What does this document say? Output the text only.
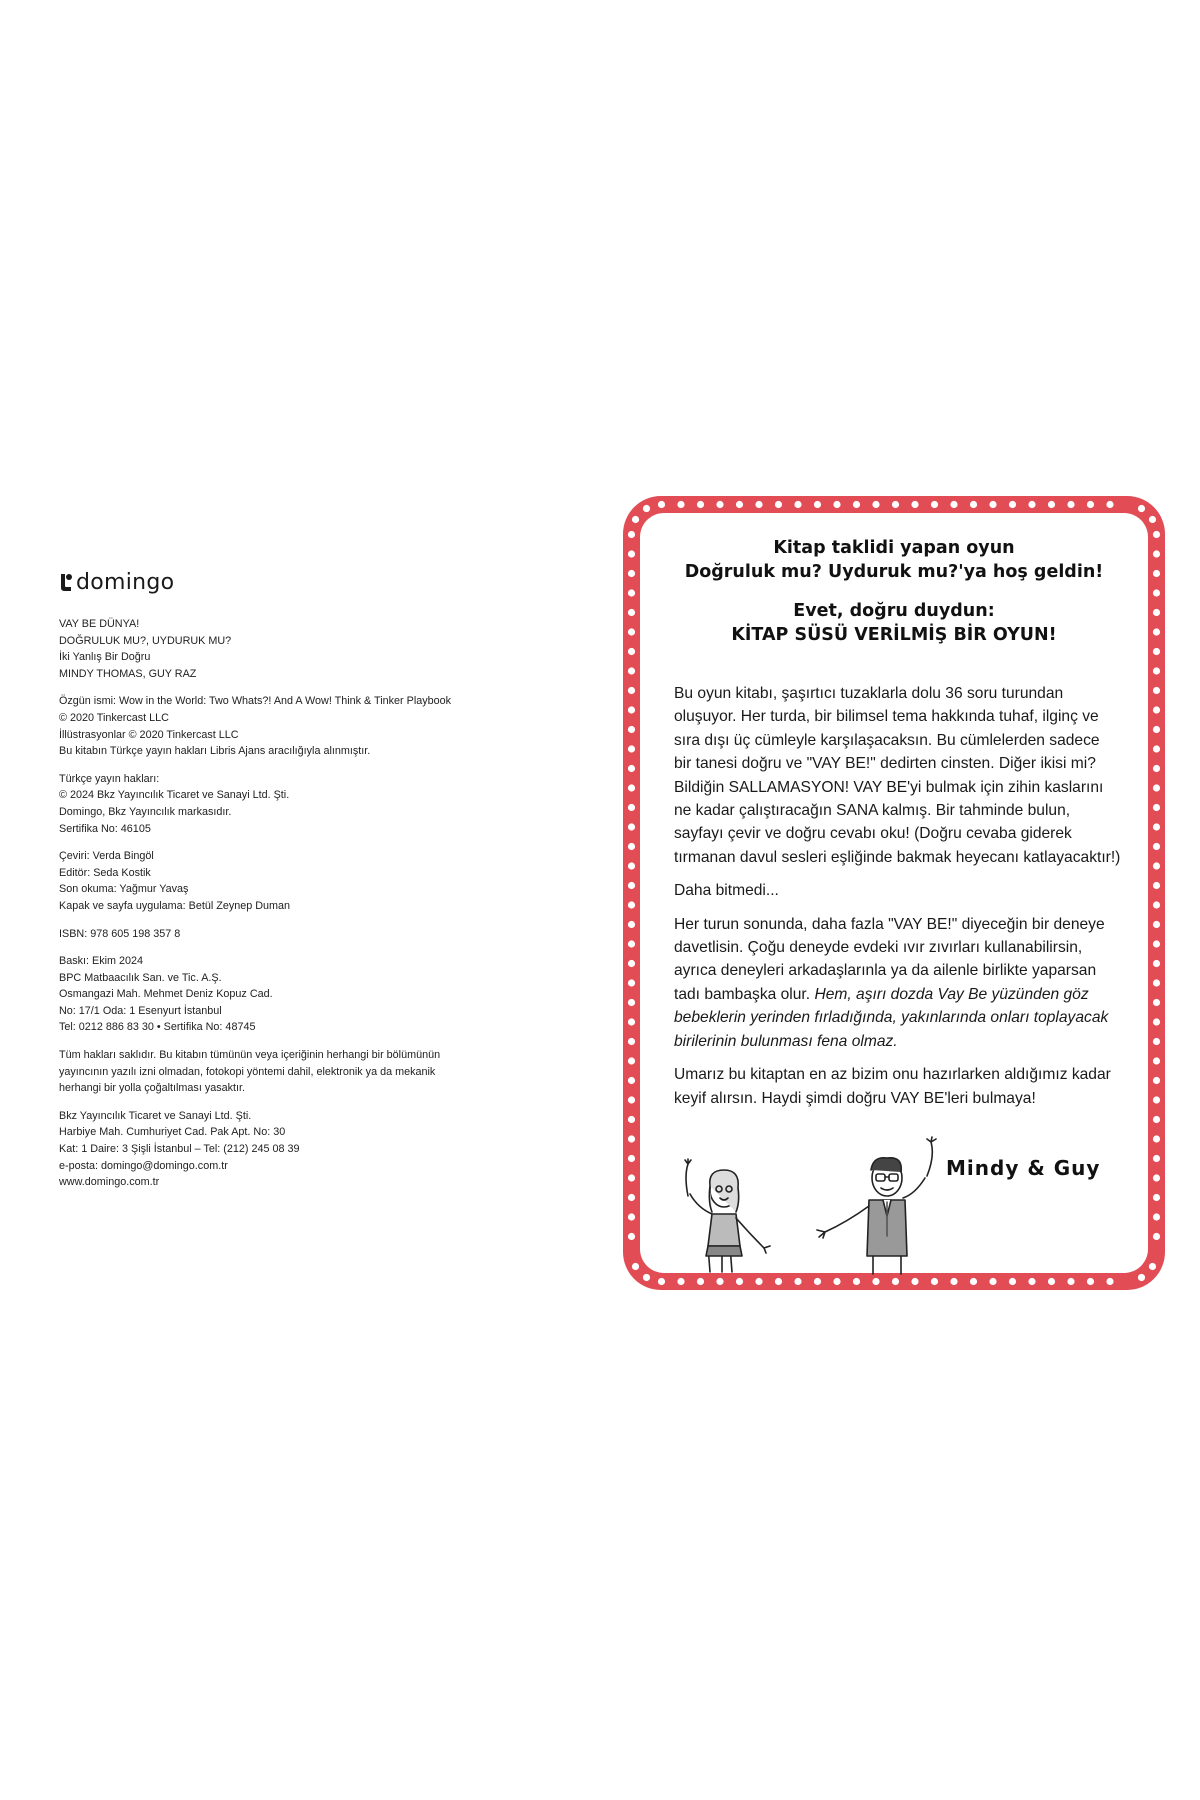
domingo
VAY BE DÜNYA!
DOĞRULUK MU?, UYDURUK MU?
İki Yanlış Bir Doğru
MINDY THOMAS, GUY RAZ
Özgün ismi: Wow in the World: Two Whats?! And A Wow! Think & Tinker Playbook
© 2020 Tinkercast LLC
İllüstrasyonlar © 2020 Tinkercast LLC
Bu kitabın Türkçe yayın hakları Libris Ajans aracılığıyla alınmıştır.
Türkçe yayın hakları:
© 2024 Bkz Yayıncılık Ticaret ve Sanayi Ltd. Şti.
Domingo, Bkz Yayıncılık markasıdır.
Sertifika No: 46105
Çeviri: Verda Bingöl
Editör: Seda Kostik
Son okuma: Yağmur Yavaş
Kapak ve sayfa uygulama: Betül Zeynep Duman
ISBN: 978 605 198 357 8
Baskı: Ekim 2024
BPC Matbaacılık San. ve Tic. A.Ş.
Osmangazi Mah. Mehmet Deniz Kopuz Cad.
No: 17/1 Oda: 1 Esenyurt İstanbul
Tel: 0212 886 83 30 • Sertifika No: 48745
Tüm hakları saklıdır. Bu kitabın tümünün veya içeriğinin herhangi bir bölümünün
yayıncının yazılı izni olmadan, fotokopi yöntemi dahil, elektronik ya da mekanik
herhangi bir yolla çoğaltılması yasaktır.
Bkz Yayıncılık Ticaret ve Sanayi Ltd. Şti.
Harbiye Mah. Cumhuriyet Cad. Pak Apt. No: 30
Kat: 1 Daire: 3 Şişli İstanbul – Tel: (212) 245 08 39
e-posta: domingo@domingo.com.tr
www.domingo.com.tr
Kitap taklidi yapan oyun
Doğruluk mu? Uyduruk mu?'ya hoş geldin!
Evet, doğru duydun:
KİTAP SÜSÜ VERİLMİŞ BİR OYUN!

Bu oyun kitabı, şaşırtıcı tuzaklarla dolu 36 soru turundan oluşuyor. Her turda, bir bilimsel tema hakkında tuhaf, ilginç ve sıra dışı üç cümleyle karşılaşacaksın. Bu cümlelerden sadece bir tanesi doğru ve "VAY BE!" dedirten cinsten. Diğer ikisi mi? Bildiğin SALLAMASYON! VAY BE'yi bulmak için zihin kaslarını ne kadar çalıştıracağın SANA kalmış. Bir tahminde bulun, sayfayı çevir ve doğru cevabı oku! (Doğru cevaba giderek tırmanan davul sesleri eşliğinde bakmak heyecanı katlayacaktır!)

Daha bitmedi...

Her turun sonunda, daha fazla "VAY BE!" diyeceğin bir deneye davetlisin. Çoğu deneyde evdeki ıvır zıvırları kullanabilirsin, ayrıca deneyleri arkadaşlarınla ya da ailenle birlikte yaparsan tadı bambaşka olur. Hem, aşırı dozda Vay Be yüzünden göz bebeklerin yerinden fırladığında, yakınlarında onları toplayacak birilerinin bulunması fena olmaz.

Umarız bu kitaptan en az bizim onu hazırlarken aldığımız kadar keyif alırsın. Haydi şimdi doğru VAY BE'leri bulmaya!

Mindy & Guy
